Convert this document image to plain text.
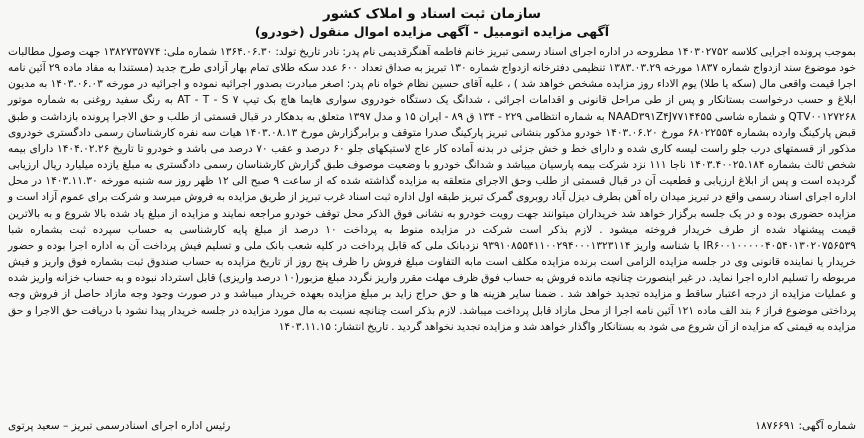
سازمان ثبت اسناد و املاک کشور
آگهی مزایده اتومبیل - آگهی مزایده اموال منقول (خودرو)
بموجب پرونده اجرایی کلاسه ۱۴۰۳۰۲۷۵۲ مطروحه در اداره اجرای اسناد رسمی تبریز خانم فاطمه آهنگرقدیمی نام پدر: نادر تاریخ تولد: ۱۳۶۴.۰۶.۳۰ شماره ملی: ۱۳۸۲۷۳۵۷۷۴ جهت وصول مطالبات خود موضوع سند ازدواج شماره ۱۸۳۷ مورخه ۱۳۸۳.۰۳.۲۹ تنظیمی دفترخانه ازدواج شماره ۱۳۰ تبریز به صداق تعداد ۶۰۰ عدد سکه طلای تمام بهار آزادی طرح جدید (مستندا به مفاد ماده ۲۹ آئین نامه اجرا قیمت واقعی مال (سکه یا طلا) یوم الاداء روز مزایده مشخص خواهد شد ) ، علیه آقای حسین نظام خواه نام پدر: اصغر مبادرت بصدور اجرائیه نموده و اجرائیه در مورخه ۱۴۰۳.۰۶.۰۳ به مدیون ابلاغ و حسب درخواست بستانکار و پس از طی مراحل قانونی و اقدامات اجرائی ، شدانگ یک دستگاه خودروی سواری هایما هاچ بک تیپ ۷ AT - T - S به رنگ سفید روغنی به شماره موتور QTV۰۰۱۲۷۲۶۸ و شماره شاسی NAAD۳۹۱Z۴J۷۷۱۴۴۵۵ به شماره انتظامی ۲۲۹ - ۱۳۴ ق ۸۹ - ایران ۱۵ و مدل ۱۳۹۷ متعلق به بدهکار در قبال قسمتی از طلب و حق الاجرا پرونده بازداشت و طبق قبض پارکینگ وارده بشماره ۶۸۰۲۲۵۵۴ مورخ ۱۴۰۳.۰۶.۲۰ خودرو مذکور بنشانی تبریز پارکینگ صدرا متوقف و برابرگزارش مورخ ۱۴۰۳.۰۸.۱۳ هیات سه نفره کارشناسان رسمی دادگستری خودروی مذکور از قسمتهای درب جلو راست لیسه کاری شده و دارای خط و خش جزئی در بدنه آماده کار عاج لاستیکهای جلو ۶۰ درصد و عقب ۷۰ درصد می باشد و خودرو تا تاریخ ۱۴۰۴.۰۲.۲۶ دارای بیمه شخص ثالث بشماره ۱۴۰۳.۴۰۰۲۵.۱۸۴ ناجا ۱۱۱ نزد شرکت بیمه پارسیان میباشد و شدانگ خودرو با وضعیت موصوف طبق گزارش کارشناسان رسمی دادگستری به مبلغ یازده میلیارد ریال ارزیابی گردیده است و پس از ابلاغ ارزیابی و قطعیت آن در قبال قسمتی از طلب وحق الاجرای متعلقه به مزایده گذاشته شده که از ساعت ۹ صبح الی ۱۲ ظهر روز سه شنبه مورخه ۱۴۰۳.۱۱.۳۰ در محل اداره اجرای اسناد رسمی واقع در تبریز میدان راه آهن بطرف دیزل آباد روبروی گمرک تبریز طبقه اول اداره ثبت اسناد غرب تبریز از طریق مزایده به فروش میرسد و شرکت برای عموم آزاد است و مزایده حضوری بوده و در یک جلسه برگزار خواهد شد خریداران میتوانند جهت رویت خودرو به نشانی فوق الذکر محل توقف خودرو مراجعه نمایند و مزایده از مبلغ یاد شده بالا شروع و به بالاترین قیمت پیشنهاد شده از طرف خریدار فروخته میشود . لازم بذکر است شرکت در مزایده منوط به پرداخت ۱۰ درصد از مبلغ پایه کارشناسی به حساب سپرده ثبت بشماره شبا IR۶۰۰۱۰۰۰۰۰۴۰۵۴۰۱۳۰۲۰۷۵۶۵۳۹ با شناسه واریز ۹۳۹۱۰۸۵۵۴۱۱۰۰۲۹۴۰۰۰۱۳۲۳۱۱۴ نزدبانک ملی که قابل پرداخت در کلیه شعب بانک ملی و تسلیم فیش پرداخت آن به اداره اجرا بوده و حضور خریدار یا نماینده قانونی وی در جلسه مزایده الزامی است برنده مزایده مکلف است مابه التفاوت مبلغ فروش را ظرف پنج روز از تاریخ مزایده به حساب صندوق ثبت بشماره فوق واریز و فیش مربوطه را تسلیم اداره اجرا نماید. در غیر اینصورت چنانچه مانده فروش به حساب فوق ظرف مهلت مقرر واریز نگردد مبلغ مزبور(۱۰ درصد واریزی) قابل استرداد نبوده و به حساب خزانه واریز شده و عملیات مزایده از درجه اعتبار ساقط و مزایده تجدید خواهد شد . ضمنا سایر هزینه ها و حق حراج زاید بر مبلغ مزایده بعهده خریدار میباشد و در صورت وجود وجه مازاد حاصل از فروش وجه پرداختی موضوع فراز ۶ بند الف ماده ۱۲۱ آئین نامه اجرا از محل مازاد قابل پرداخت میباشد. لازم بذکر است چنانچه نسبت به مال مورد مزایده در جلسه خریدار پیدا نشود با دریافت حق الاجرا و حق مزایده به قیمتی که مزایده از آن شروع می شود به بستانکار واگذار خواهد شد و مزایده تجدید نخواهد گردید . تاریخ انتشار: ۱۴۰۳.۱۱.۱۵
شماره آگهی: ۱۸۷۶۶۹۱
رئیس اداره اجرای اسنادرسمی تبریز – سعید پرتوی
